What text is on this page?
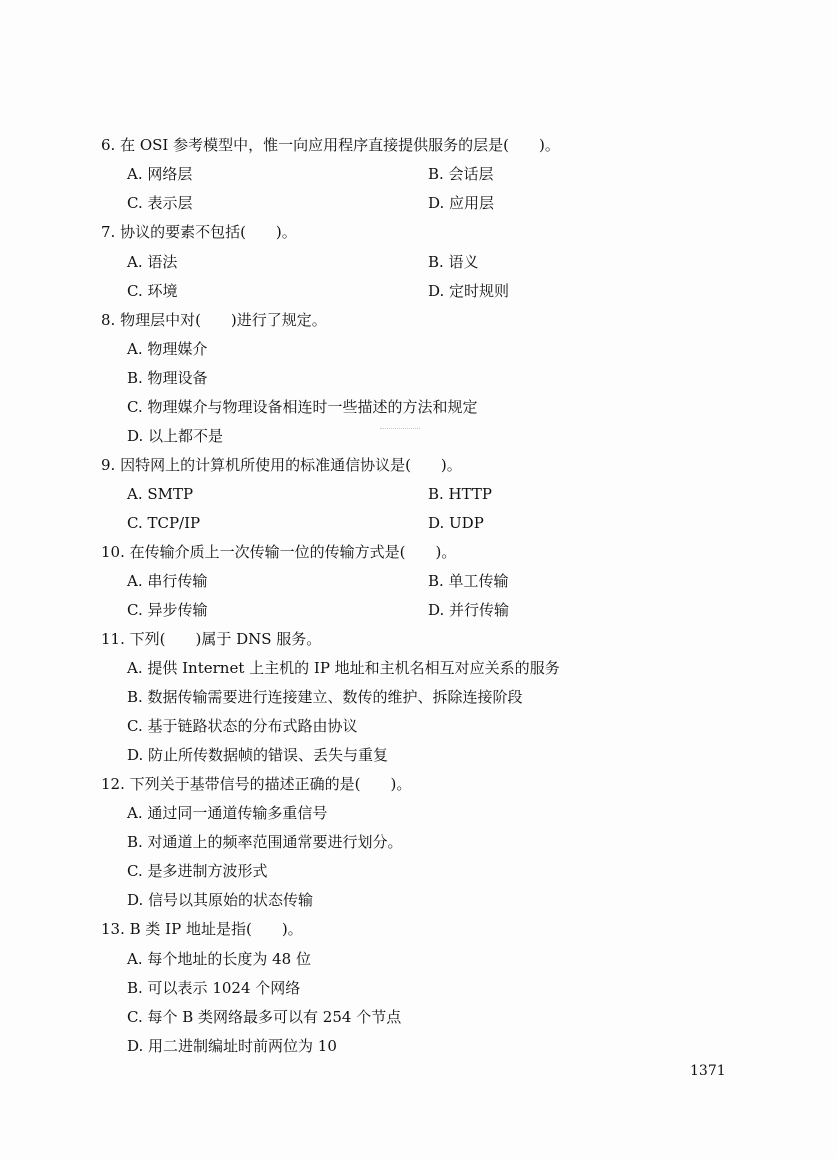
6. 在 OSI 参考模型中，惟一向应用程序直接提供服务的层是(　　)。
A. 网络层	B. 会话层
C. 表示层	D. 应用层
7. 协议的要素不包括(　　)。
A. 语法	B. 语义
C. 环境	D. 定时规则
8. 物理层中对(　　)进行了规定。
A. 物理媒介
B. 物理设备
C. 物理媒介与物理设备相连时一些描述的方法和规定
D. 以上都不是
9. 因特网上的计算机所使用的标准通信协议是(　　)。
A. SMTP	B. HTTP
C. TCP/IP	D. UDP
10. 在传输介质上一次传输一位的传输方式是(　　)。
A. 串行传输	B. 单工传输
C. 异步传输	D. 并行传输
11. 下列(　　)属于 DNS 服务。
A. 提供 Internet 上主机的 IP 地址和主机名相互对应关系的服务
B. 数据传输需要进行连接建立、数传的维护、拆除连接阶段
C. 基于链路状态的分布式路由协议
D. 防止所传数据帧的错误、丢失与重复
12. 下列关于基带信号的描述正确的是(　　)。
A. 通过同一通道传输多重信号
B. 对通道上的频率范围通常要进行划分。
C. 是多进制方波形式
D. 信号以其原始的状态传输
13. B 类 IP 地址是指(　　)。
A. 每个地址的长度为 48 位
B. 可以表示 1024 个网络
C. 每个 B 类网络最多可以有 254 个节点
D. 用二进制编址时前两位为 10
1371
